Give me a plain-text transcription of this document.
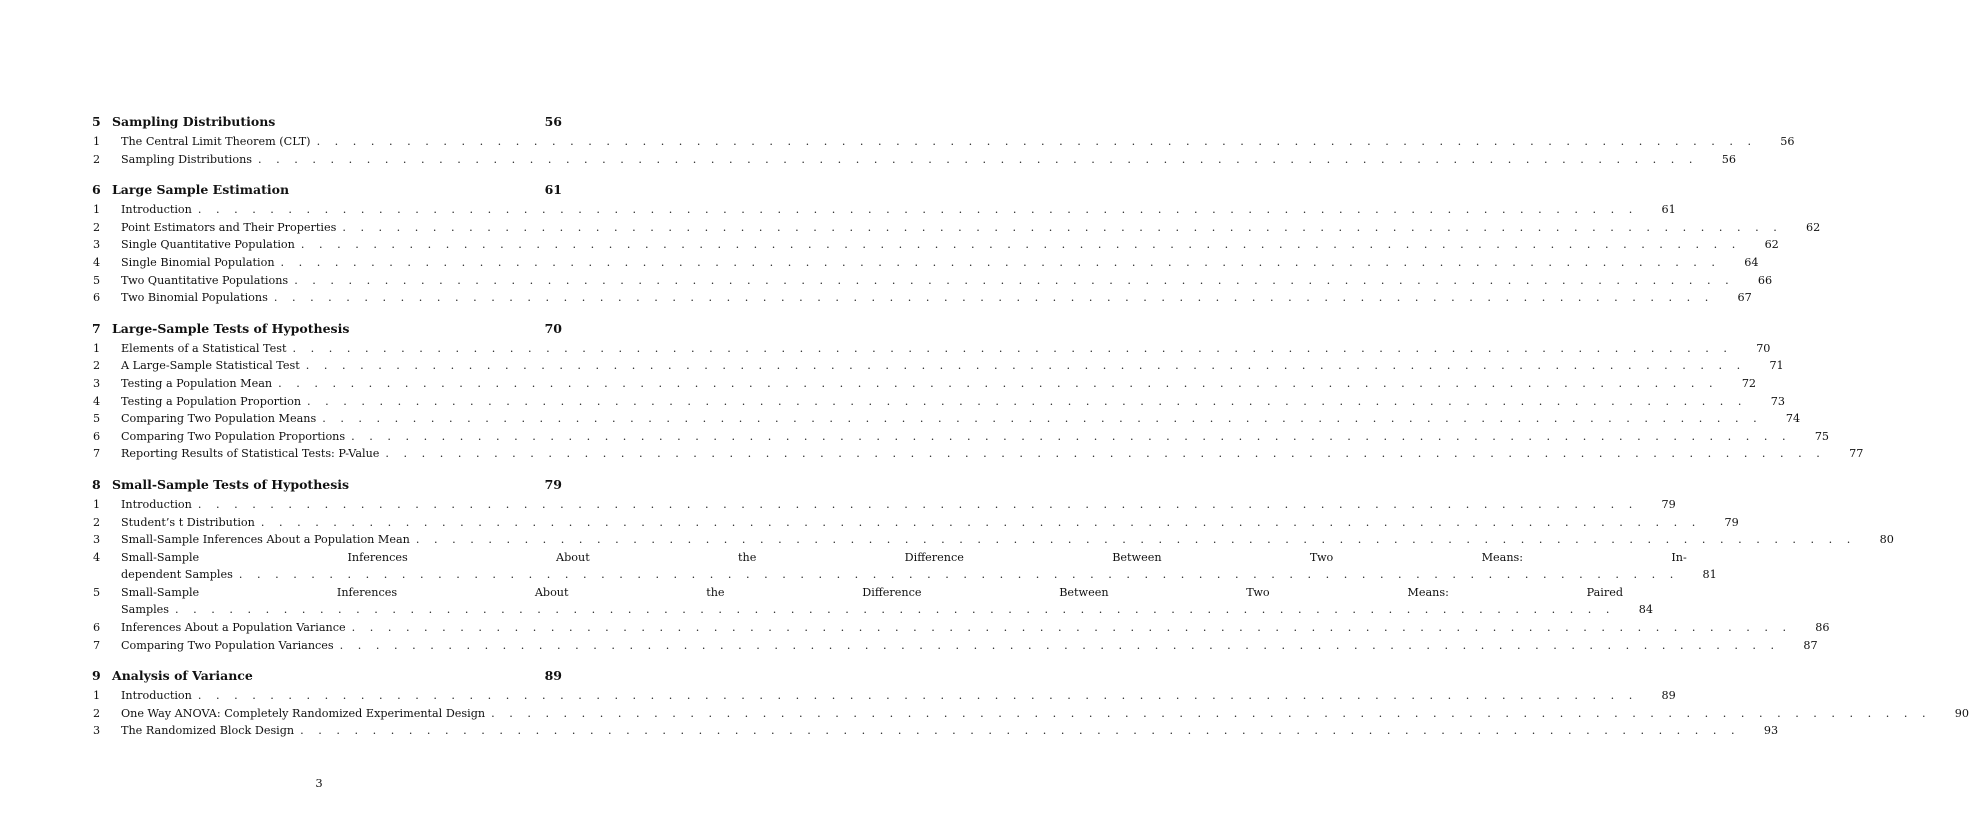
5 Sampling Distributions	56
1	The Central Limit Theorem (CLT) . . . . . . . . . . . . . . . . . . . . . . . . . . . . . . . . . . . . . . . . . . . . . . . . . . . . . . . . . . . . . . . . . . . . . . . . . . . . . . . .	56
2	Sampling Distributions . . . . . . . . . . . . . . . . . . . . . . . . . . . . . . . . . . . . . . . . . . . . . . . . . . . . . . . . . . . . . . . . . . . . . . . . . . . . . . . .	56
6 Large Sample Estimation	61
1	Introduction . . . . . . . . . . . . . . . . . . . . . . . . . . . . . . . . . . . . . . . . . . . . . . . . . . . . . . . . . . . . . . . . . . . . . . . . . . . . . . . .	61
2	Point Estimators and Their Properties . . . . . . . . . . . . . . . . . . . . . . . . . . . . . . . . . . . . . . . . . . . . . . . . . . . . . . . . . . . . . . . . . . . . . . . . . . . . . . . .	62
3	Single Quantitative Population . . . . . . . . . . . . . . . . . . . . . . . . . . . . . . . . . . . . . . . . . . . . . . . . . . . . . . . . . . . . . . . . . . . . . . . . . . . . . . . .	62
4	Single Binomial Population . . . . . . . . . . . . . . . . . . . . . . . . . . . . . . . . . . . . . . . . . . . . . . . . . . . . . . . . . . . . . . . . . . . . . . . . . . . . . . . .	64
5	Two Quantitative Populations . . . . . . . . . . . . . . . . . . . . . . . . . . . . . . . . . . . . . . . . . . . . . . . . . . . . . . . . . . . . . . . . . . . . . . . . . . . . . . . .	66
6	Two Binomial Populations . . . . . . . . . . . . . . . . . . . . . . . . . . . . . . . . . . . . . . . . . . . . . . . . . . . . . . . . . . . . . . . . . . . . . . . . . . . . . . . .	67
7 Large-Sample Tests of Hypothesis	70
1	Elements of a Statistical Test . . . . . . . . . . . . . . . . . . . . . . . . . . . . . . . . . . . . . . . . . . . . . . . . . . . . . . . . . . . . . . . . . . . . . . . . . . . . . . . .	70
2	A Large-Sample Statistical Test . . . . . . . . . . . . . . . . . . . . . . . . . . . . . . . . . . . . . . . . . . . . . . . . . . . . . . . . . . . . . . . . . . . . . . . . . . . . . . . .	71
3	Testing a Population Mean . . . . . . . . . . . . . . . . . . . . . . . . . . . . . . . . . . . . . . . . . . . . . . . . . . . . . . . . . . . . . . . . . . . . . . . . . . . . . . . .	72
4	Testing a Population Proportion . . . . . . . . . . . . . . . . . . . . . . . . . . . . . . . . . . . . . . . . . . . . . . . . . . . . . . . . . . . . . . . . . . . . . . . . . . . . . . . .	73
5	Comparing Two Population Means . . . . . . . . . . . . . . . . . . . . . . . . . . . . . . . . . . . . . . . . . . . . . . . . . . . . . . . . . . . . . . . . . . . . . . . . . . . . . . . .	74
6	Comparing Two Population Proportions . . . . . . . . . . . . . . . . . . . . . . . . . . . . . . . . . . . . . . . . . . . . . . . . . . . . . . . . . . . . . . . . . . . . . . . . . . . . . . . .	75
7	Reporting Results of Statistical Tests: P-Value . . . . . . . . . . . . . . . . . . . . . . . . . . . . . . . . . . . . . . . . . . . . . . . . . . . . . . . . . . . . . . . . . . . . . . . . . . . . . . . .	77
8 Small-Sample Tests of Hypothesis	79
1	Introduction . . . . . . . . . . . . . . . . . . . . . . . . . . . . . . . . . . . . . . . . . . . . . . . . . . . . . . . . . . . . . . . . . . . . . . . . . . . . . . . .	79
2	Student’s t Distribution . . . . . . . . . . . . . . . . . . . . . . . . . . . . . . . . . . . . . . . . . . . . . . . . . . . . . . . . . . . . . . . . . . . . . . . . . . . . . . . .	79
3	Small-Sample Inferences About a Population Mean . . . . . . . . . . . . . . . . . . . . . . . . . . . . . . . . . . . . . . . . . . . . . . . . . . . . . . . . . . . . . . . . . . . . . . . . . . . . . . . .	80
4	Small-Sample Inferences About the Difference Between Two Means: In-
dependent Samples . . . . . . . . . . . . . . . . . . . . . . . . . . . . . . . . . . . . . . . . . . . . . . . . . . . . . . . . . . . . . . . . . . . . . . . . . . . . . . . .	81
5	Small-Sample Inferences About the Difference Between Two Means: Paired
Samples . . . . . . . . . . . . . . . . . . . . . . . . . . . . . . . . . . . . . . . . . . . . . . . . . . . . . . . . . . . . . . . . . . . . . . . . . . . . . . . .	84
6	Inferences About a Population Variance . . . . . . . . . . . . . . . . . . . . . . . . . . . . . . . . . . . . . . . . . . . . . . . . . . . . . . . . . . . . . . . . . . . . . . . . . . . . . . . .	86
7	Comparing Two Population Variances . . . . . . . . . . . . . . . . . . . . . . . . . . . . . . . . . . . . . . . . . . . . . . . . . . . . . . . . . . . . . . . . . . . . . . . . . . . . . . . .	87
9 Analysis of Variance	89
1	Introduction . . . . . . . . . . . . . . . . . . . . . . . . . . . . . . . . . . . . . . . . . . . . . . . . . . . . . . . . . . . . . . . . . . . . . . . . . . . . . . . .	89
2	One Way ANOVA: Completely Randomized Experimental Design . . . . . . . . . . . . . . . . . . . . . . . . . . . . . . . . . . . . . . . . . . . . . . . . . . . . . . . . . . . . . . . . . . . . . . . . . . . . . . . .	90
3	The Randomized Block Design . . . . . . . . . . . . . . . . . . . . . . . . . . . . . . . . . . . . . . . . . . . . . . . . . . . . . . . . . . . . . . . . . . . . . . . . . . . . . . . .	93
3
